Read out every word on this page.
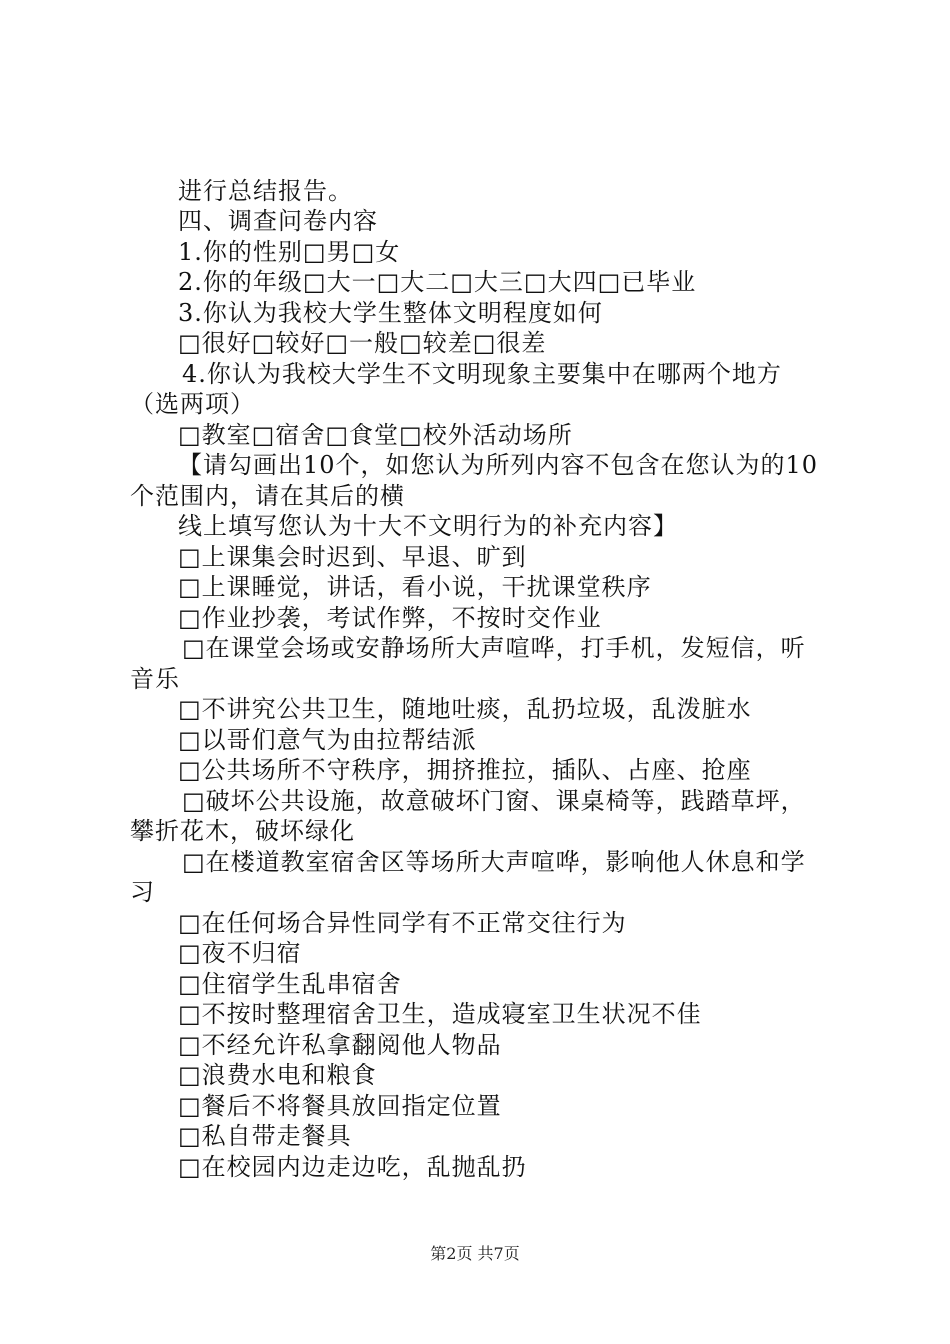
进行总结报告。
四、调查问卷内容
1.你的性别□男□女
2.你的年级□大一□大二□大三□大四□已毕业
3.你认为我校大学生整体文明程度如何
□很好□较好□一般□较差□很差
4.你认为我校大学生不文明现象主要集中在哪两个地方
（选两项）
□教室□宿舍□食堂□校外活动场所
【请勾画出10个，如您认为所列内容不包含在您认为的10
个范围内，请在其后的横
线上填写您认为十大不文明行为的补充内容】
□上课集会时迟到、早退、旷到
□上课睡觉，讲话，看小说，干扰课堂秩序
□作业抄袭，考试作弊，不按时交作业
□在课堂会场或安静场所大声喧哗，打手机，发短信，听
音乐
□不讲究公共卫生，随地吐痰，乱扔垃圾，乱泼脏水
□以哥们意气为由拉帮结派
□公共场所不守秩序，拥挤推拉，插队、占座、抢座
□破坏公共设施，故意破坏门窗、课桌椅等，践踏草坪，
攀折花木，破坏绿化
□在楼道教室宿舍区等场所大声喧哗，影响他人休息和学
习
□在任何场合异性同学有不正常交往行为
□夜不归宿
□住宿学生乱串宿舍
□不按时整理宿舍卫生，造成寝室卫生状况不佳
□不经允许私拿翻阅他人物品
□浪费水电和粮食
□餐后不将餐具放回指定位置
□私自带走餐具
□在校园内边走边吃，乱抛乱扔
第2页 共7页
